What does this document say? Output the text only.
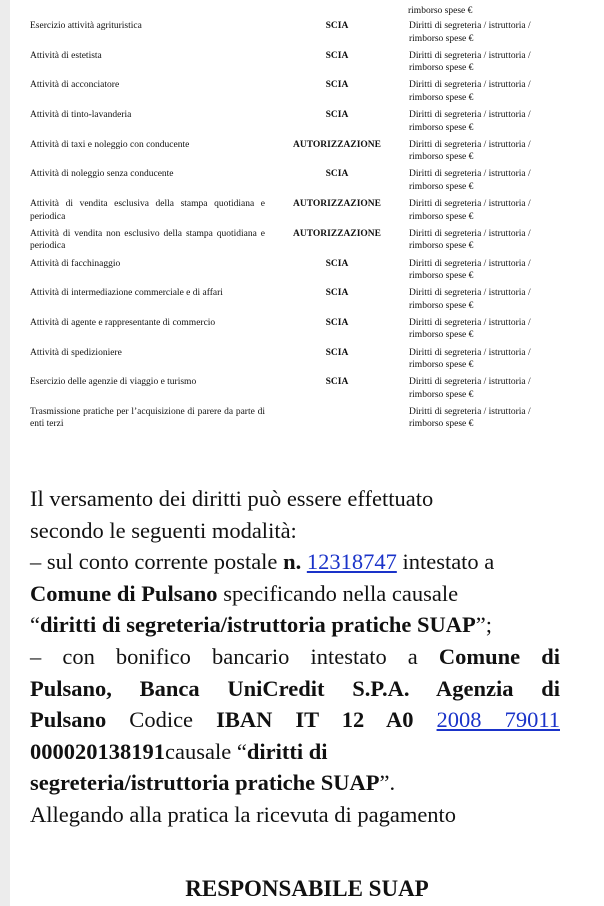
rimborso spese €
Esercizio attività agrituristica	SCIA	Diritti di segreteria / istruttoria /
rimborso spese €

Attività di estetista	SCIA	Diritti di segreteria / istruttoria /
rimborso spese €

Attività di acconciatore	SCIA	Diritti di segreteria / istruttoria /
rimborso spese €

Attività di tinto-lavanderia	SCIA	Diritti di segreteria / istruttoria /
rimborso spese €

Attività di taxi e noleggio con conducente	AUTORIZZAZIONE	Diritti di segreteria / istruttoria /
rimborso spese €

Attività di noleggio senza conducente	SCIA	Diritti di segreteria / istruttoria /
rimborso spese €

Attività di vendita esclusiva della stampa quotidiana e periodica	AUTORIZZAZIONE	Diritti di segreteria / istruttoria /
rimborso spese €

Attività di vendita non esclusivo della stampa quotidiana e periodica	AUTORIZZAZIONE	Diritti di segreteria / istruttoria /
rimborso spese €

Attività di facchinaggio	SCIA	Diritti di segreteria / istruttoria /
rimborso spese €

Attività di intermediazione commerciale e di affari	SCIA	Diritti di segreteria / istruttoria /
rimborso spese €

Attività di agente e rappresentante di commercio	SCIA	Diritti di segreteria / istruttoria /
rimborso spese €

Attività di spedizioniere	SCIA	Diritti di segreteria / istruttoria /
rimborso spese €

Esercizio delle agenzie di viaggio e turismo	SCIA	Diritti di segreteria / istruttoria /
rimborso spese €

Trasmissione pratiche per l’acquisizione di parere da parte di enti terzi		Diritti di segreteria / istruttoria /
rimborso spese €

Il versamento dei diritti può essere effettuato

secondo le seguenti modalità:

– sul conto corrente postale n. 12318747 intestato a

Comune di Pulsano specificando nella causale

“diritti di segreteria/istruttoria pratiche SUAP”;

– con bonifico bancario intestato a Comune di

Pulsano, Banca UniCredit S.P.A. Agenzia di

Pulsano Codice IBAN IT 12 A0 2008 79011

000020138191causale “diritti di

segreteria/istruttoria pratiche SUAP”.

Allegando alla pratica la ricevuta di pagamento

RESPONSABILE SUAP
